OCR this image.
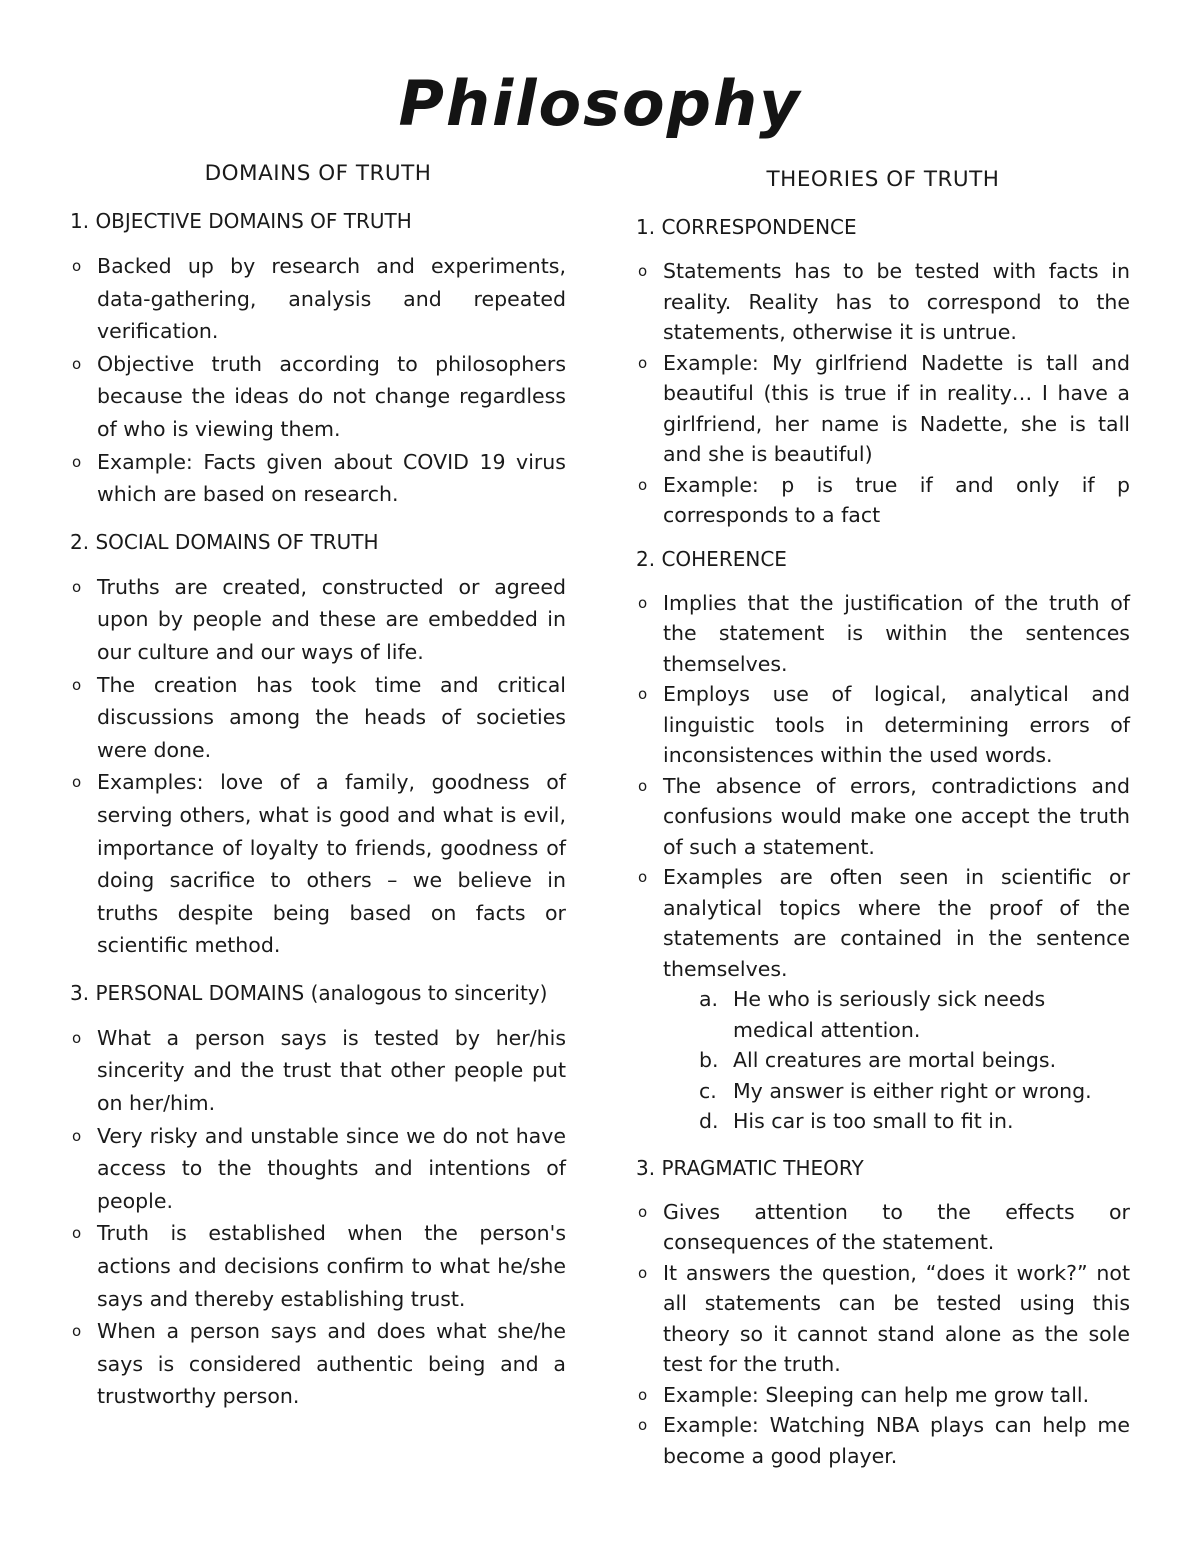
Philosophy
DOMAINS OF TRUTH
1. OBJECTIVE DOMAINS OF TRUTH
o Backed up by research and experiments, data-gathering, analysis and repeated verification.
o Objective truth according to philosophers because the ideas do not change regardless of who is viewing them.
o Example: Facts given about COVID 19 virus which are based on research.
2. SOCIAL DOMAINS OF TRUTH
o Truths are created, constructed or agreed upon by people and these are embedded in our culture and our ways of life.
o The creation has took time and critical discussions among the heads of societies were done.
o Examples: love of a family, goodness of serving others, what is good and what is evil, importance of loyalty to friends, goodness of doing sacrifice to others – we believe in truths despite being based on facts or scientific method.
3. PERSONAL DOMAINS (analogous to sincerity)
o What a person says is tested by her/his sincerity and the trust that other people put on her/him.
o Very risky and unstable since we do not have access to the thoughts and intentions of people.
o Truth is established when the person's actions and decisions confirm to what he/she says and thereby establishing trust.
o When a person says and does what she/he says is considered authentic being and a trustworthy person.
THEORIES OF TRUTH
1. CORRESPONDENCE
o Statements has to be tested with facts in reality. Reality has to correspond to the statements, otherwise it is untrue.
o Example: My girlfriend Nadette is tall and beautiful (this is true if in reality… I have a girlfriend, her name is Nadette, she is tall and she is beautiful)
o Example: p is true if and only if p corresponds to a fact
2. COHERENCE
o Implies that the justification of the truth of the statement is within the sentences themselves.
o Employs use of logical, analytical and linguistic tools in determining errors of inconsistences within the used words.
o The absence of errors, contradictions and confusions would make one accept the truth of such a statement.
o Examples are often seen in scientific or analytical topics where the proof of the statements are contained in the sentence themselves.
a. He who is seriously sick needs medical attention.
b. All creatures are mortal beings.
c. My answer is either right or wrong.
d. His car is too small to fit in.
3. PRAGMATIC THEORY
o Gives attention to the effects or consequences of the statement.
o It answers the question, “does it work?” not all statements can be tested using this theory so it cannot stand alone as the sole test for the truth.
o Example: Sleeping can help me grow tall.
o Example: Watching NBA plays can help me become a good player.
